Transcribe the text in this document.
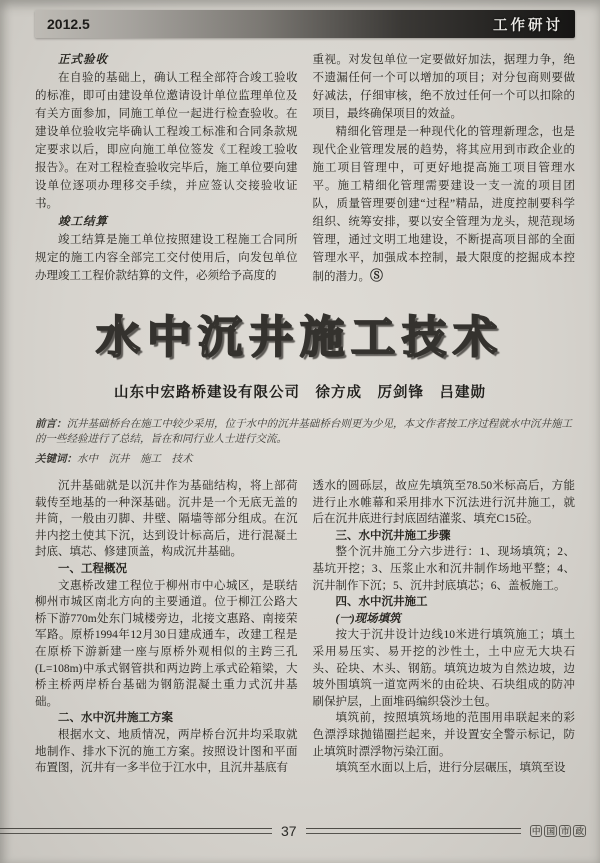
2012.5	工作研讨

正式验收

在自验的基础上，确认工程全部符合竣工验收的标准，即可由建设单位邀请设计单位监理单位及有关方面参加，同施工单位一起进行检查验收。在建设单位验收完毕确认工程竣工标准和合同条款规定要求以后，即应向施工单位签发《工程竣工验收报告》。在对工程检查验收完毕后，施工单位要向建设单位逐项办理移交手续，并应签认交接验收证书。

竣工结算

竣工结算是施工单位按照建设工程施工合同所规定的施工内容全部完工交付使用后，向发包单位办理竣工工程价款结算的文件，必须给予高度的

重视。对发包单位一定要做好加法，据理力争，绝不遗漏任何一个可以增加的项目；对分包商则要做好减法，仔细审核，绝不放过任何一个可以扣除的项目，最终确保项目的效益。

精细化管理是一种现代化的管理新理念，也是现代企业管理发展的趋势，将其应用到市政企业的施工项目管理中，可更好地提高施工项目管理水平。施工精细化管理需要建设一支一流的项目团队，质量管理要创建“过程”精品，进度控制要科学组织、统筹安排，要以安全管理为龙头，规范现场管理，通过文明工地建设，不断提高项目部的全面管理水平，加强成本控制，最大限度的挖掘成本控制的潜力。Ⓢ

水中沉井施工技术
山东中宏路桥建设有限公司　徐方成　厉剑锋　吕建勋
前言：沉井基础桥台在施工中较少采用，位于水中的沉井基础桥台则更为少见，本文作者按工序过程就水中沉井施工的一些经验进行了总结，旨在和同行业人士进行交流。
关键词：水中　沉井　施工　技术

沉井基础就是以沉井作为基础结构，将上部荷载传至地基的一种深基础。沉井是一个无底无盖的井筒，一般由刃脚、井壁、隔墙等部分组成。在沉井内挖土使其下沉，达到设计标高后，进行混凝土封底、填芯、修建顶盖，构成沉井基础。

一、工程概况

文惠桥改建工程位于柳州市中心城区，是联结柳州市城区南北方向的主要通道。位于柳江公路大桥下游770m处东门城楼旁边，北接文惠路、南接荣军路。原桥1994年12月30日建成通车，改建工程是在原桥下游新建一座与原桥外观相似的主跨三孔(L=108m)中承式钢管拱和两边跨上承式砼箱梁，大桥主桥两岸桥台基础为钢筋混凝土重力式沉井基础。

二、水中沉井施工方案

根据水文、地质情况，两岸桥台沉井均采取就地制作、排水下沉的施工方案。按照设计图和平面布置图，沉井有一多半位于江水中，且沉井基底有

透水的圆砾层，故应先填筑至78.50米标高后，方能进行止水帷幕和采用排水下沉法进行沉井施工，就后在沉井底进行封底固结灌浆、填充C15砼。

三、水中沉井施工步骤

整个沉井施工分六步进行：1、现场填筑；2、基坑开挖；3、压浆止水和沉井制作场地平整；4、沉井制作下沉；5、沉井封底填芯；6、盖板施工。

四、水中沉井施工

(一)现场填筑

按大于沉井设计边线10米进行填筑施工；填土采用易压实、易开挖的沙性土，土中应无大块石头、砼块、木头、钢筋。填筑边坡为自然边坡，边坡外围填筑一道宽两米的由砼块、石块组成的防冲刷保护层，上面堆码编织袋沙土包。

填筑前，按照填筑场地的范围用串联起来的彩色漂浮球抛锚圈拦起来，并设置安全警示标记，防止填筑时漂浮物污染江面。

填筑至水面以上后，进行分层碾压，填筑至设

37	中 国 市 政
